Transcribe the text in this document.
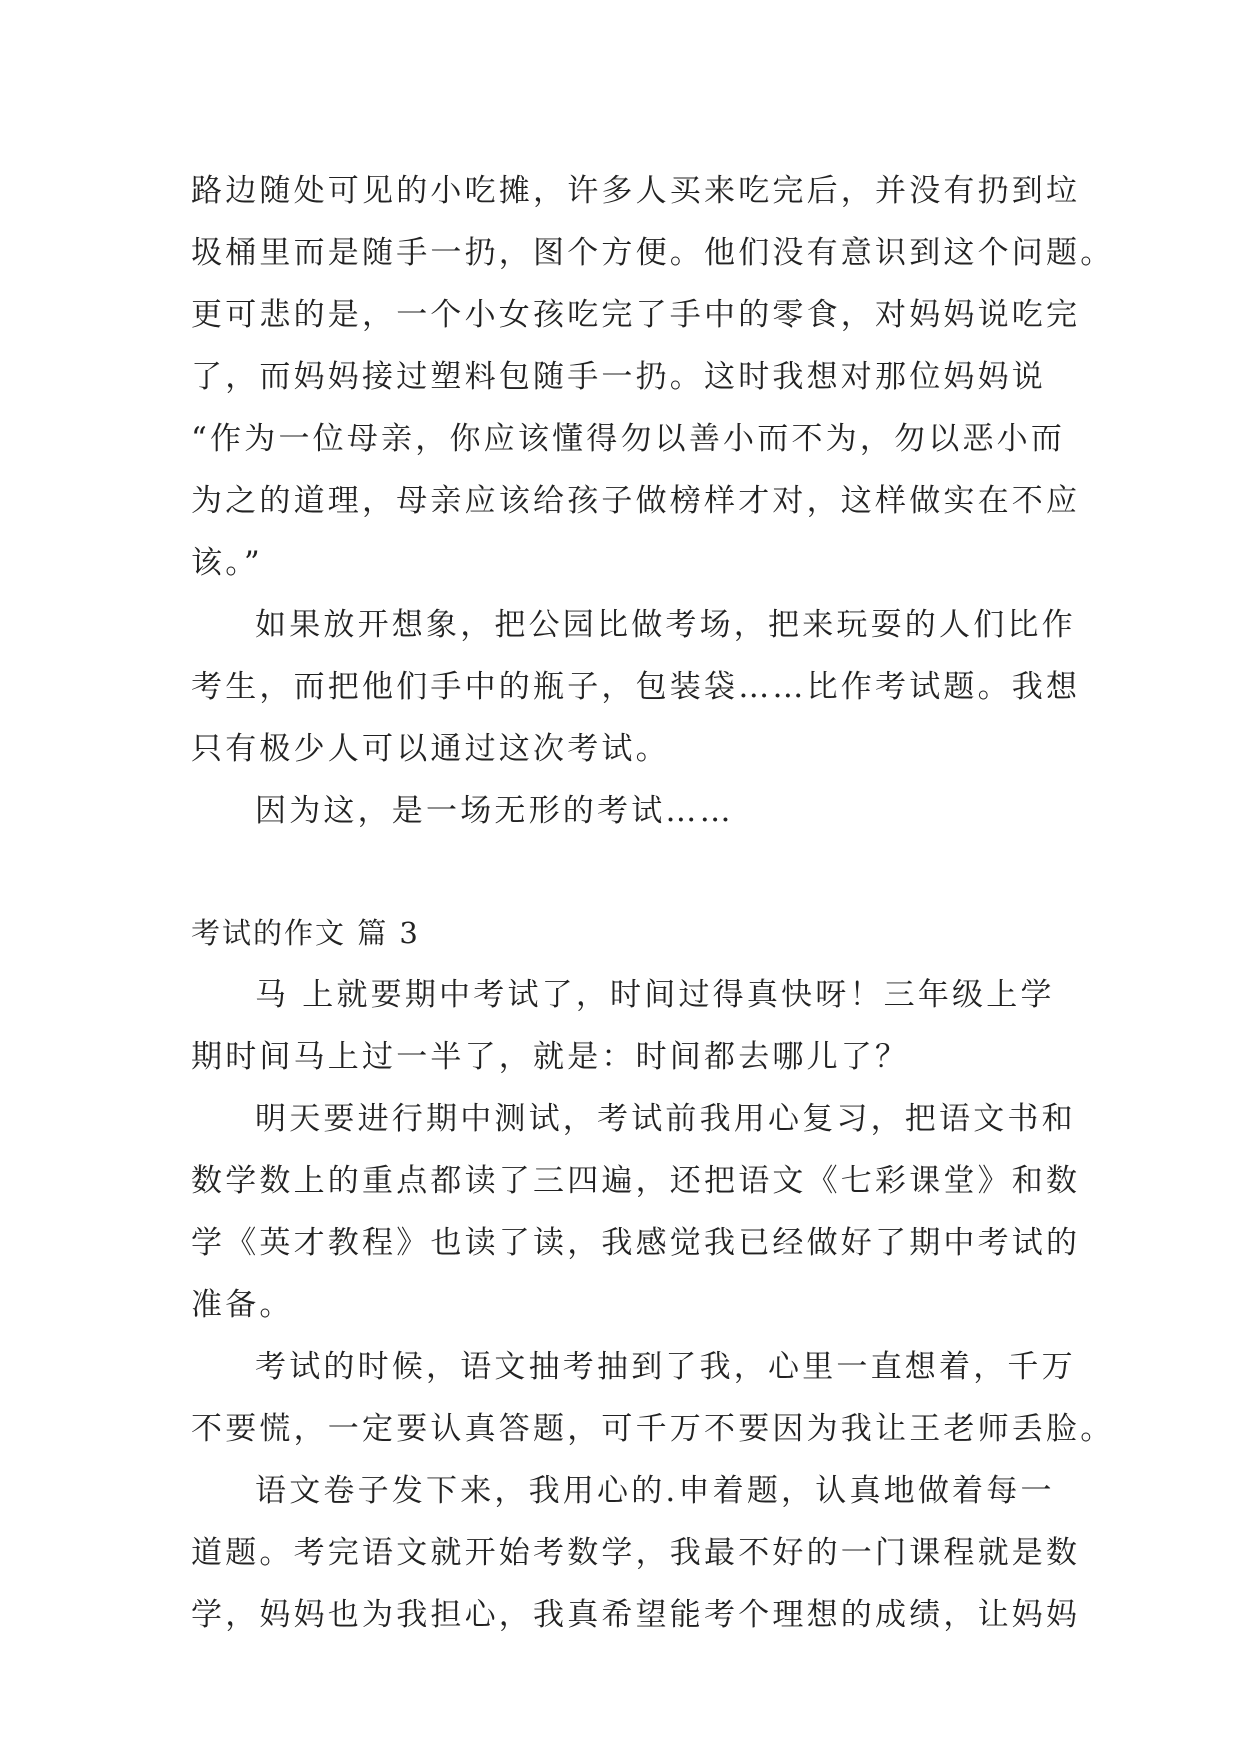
路边随处可见的小吃摊，许多人买来吃完后，并没有扔到垃
圾桶里而是随手一扔，图个方便。他们没有意识到这个问题。
更可悲的是，一个小女孩吃完了手中的零食，对妈妈说吃完
了，而妈妈接过塑料包随手一扔。这时我想对那位妈妈说
“作为一位母亲，你应该懂得勿以善小而不为，勿以恶小而
为之的道理，母亲应该给孩子做榜样才对，这样做实在不应
该。”
如果放开想象，把公园比做考场，把来玩耍的人们比作
考生，而把他们手中的瓶子，包装袋……比作考试题。我想
只有极少人可以通过这次考试。
因为这，是一场无形的考试……
考试的作文 篇 3
马 上就要期中考试了，时间过得真快呀！三年级上学
期时间马上过一半了，就是：时间都去哪儿了？
明天要进行期中测试，考试前我用心复习，把语文书和
数学数上的重点都读了三四遍，还把语文《七彩课堂》和数
学《英才教程》也读了读，我感觉我已经做好了期中考试的
准备。
考试的时候，语文抽考抽到了我，心里一直想着，千万
不要慌，一定要认真答题，可千万不要因为我让王老师丢脸。
语文卷子发下来，我用心的.申着题，认真地做着每一
道题。考完语文就开始考数学，我最不好的一门课程就是数
学，妈妈也为我担心，我真希望能考个理想的成绩，让妈妈
